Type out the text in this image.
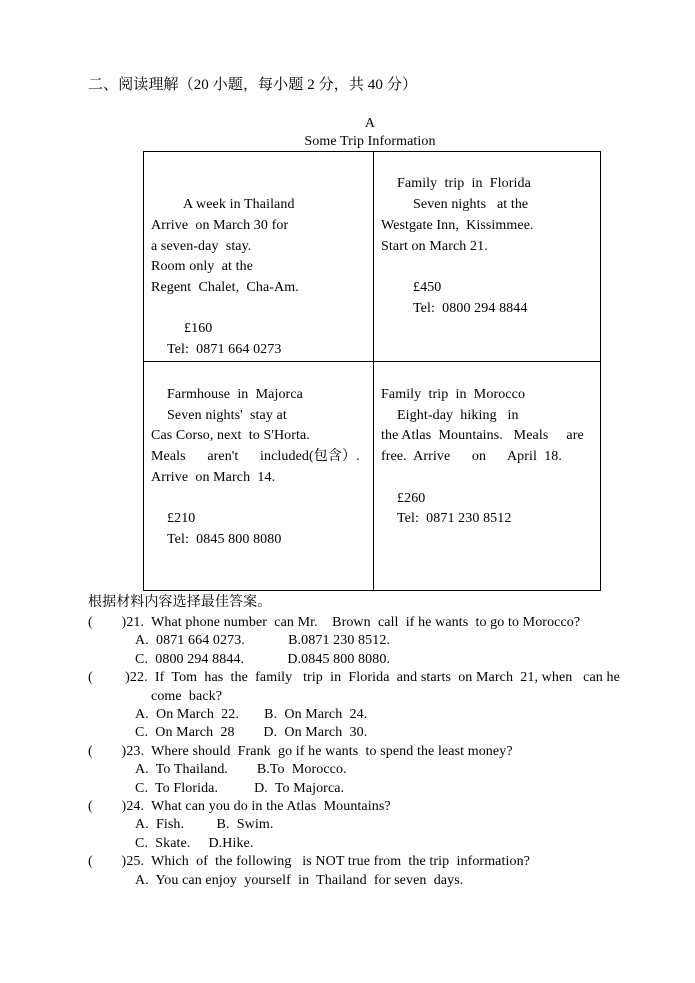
二、阅读理解（20 小题，每小题 2 分，共 40 分）
A
Some Trip Information
A week in Thailand
Arrive  on March 30 for
a seven-day  stay.
Room only  at the
Regent  Chalet,  Cha-Am.
£160
Tel:  0871 664 0273
Family  trip  in  Florida
Seven nights   at the
Westgate Inn,  Kissimmee.
Start on March 21.
£450
Tel:  0800 294 8844
Farmhouse  in  Majorca
Seven nights'  stay at
Cas Corso, next  to S'Horta.
Meals      aren't      included(包含）.
Arrive  on March  14.
£210
Tel:  0845 800 8080
Family  trip  in  Morocco
Eight-day  hiking   in
the Atlas  Mountains.   Meals     are
free.  Arrive      on      April  18.
£260
Tel:  0871 230 8512
根据材料内容选择最佳答案。
(        )21.  What phone number  can Mr.    Brown  call  if he wants  to go to Morocco?
A.  0871 664 0273.            B.0871 230 8512.
C.  0800 294 8844.            D.0845 800 8080.
(         )22.  If  Tom  has  the  family   trip  in  Florida  and starts  on March  21, when   can he
come  back?
A.  On March  22.       B.  On March  24.
C.  On March  28        D.  On March  30.
(        )23.  Where should  Frank  go if he wants  to spend the least money?
A.  To Thailand.        B.To  Morocco.
C.  To Florida.          D.  To Majorca.
(        )24.  What can you do in the Atlas  Mountains?
A.  Fish.         B.  Swim.
C.  Skate.     D.Hike.
(        )25.  Which  of  the following   is NOT true from  the trip  information?
A.  You can enjoy  yourself  in  Thailand  for seven  days.
